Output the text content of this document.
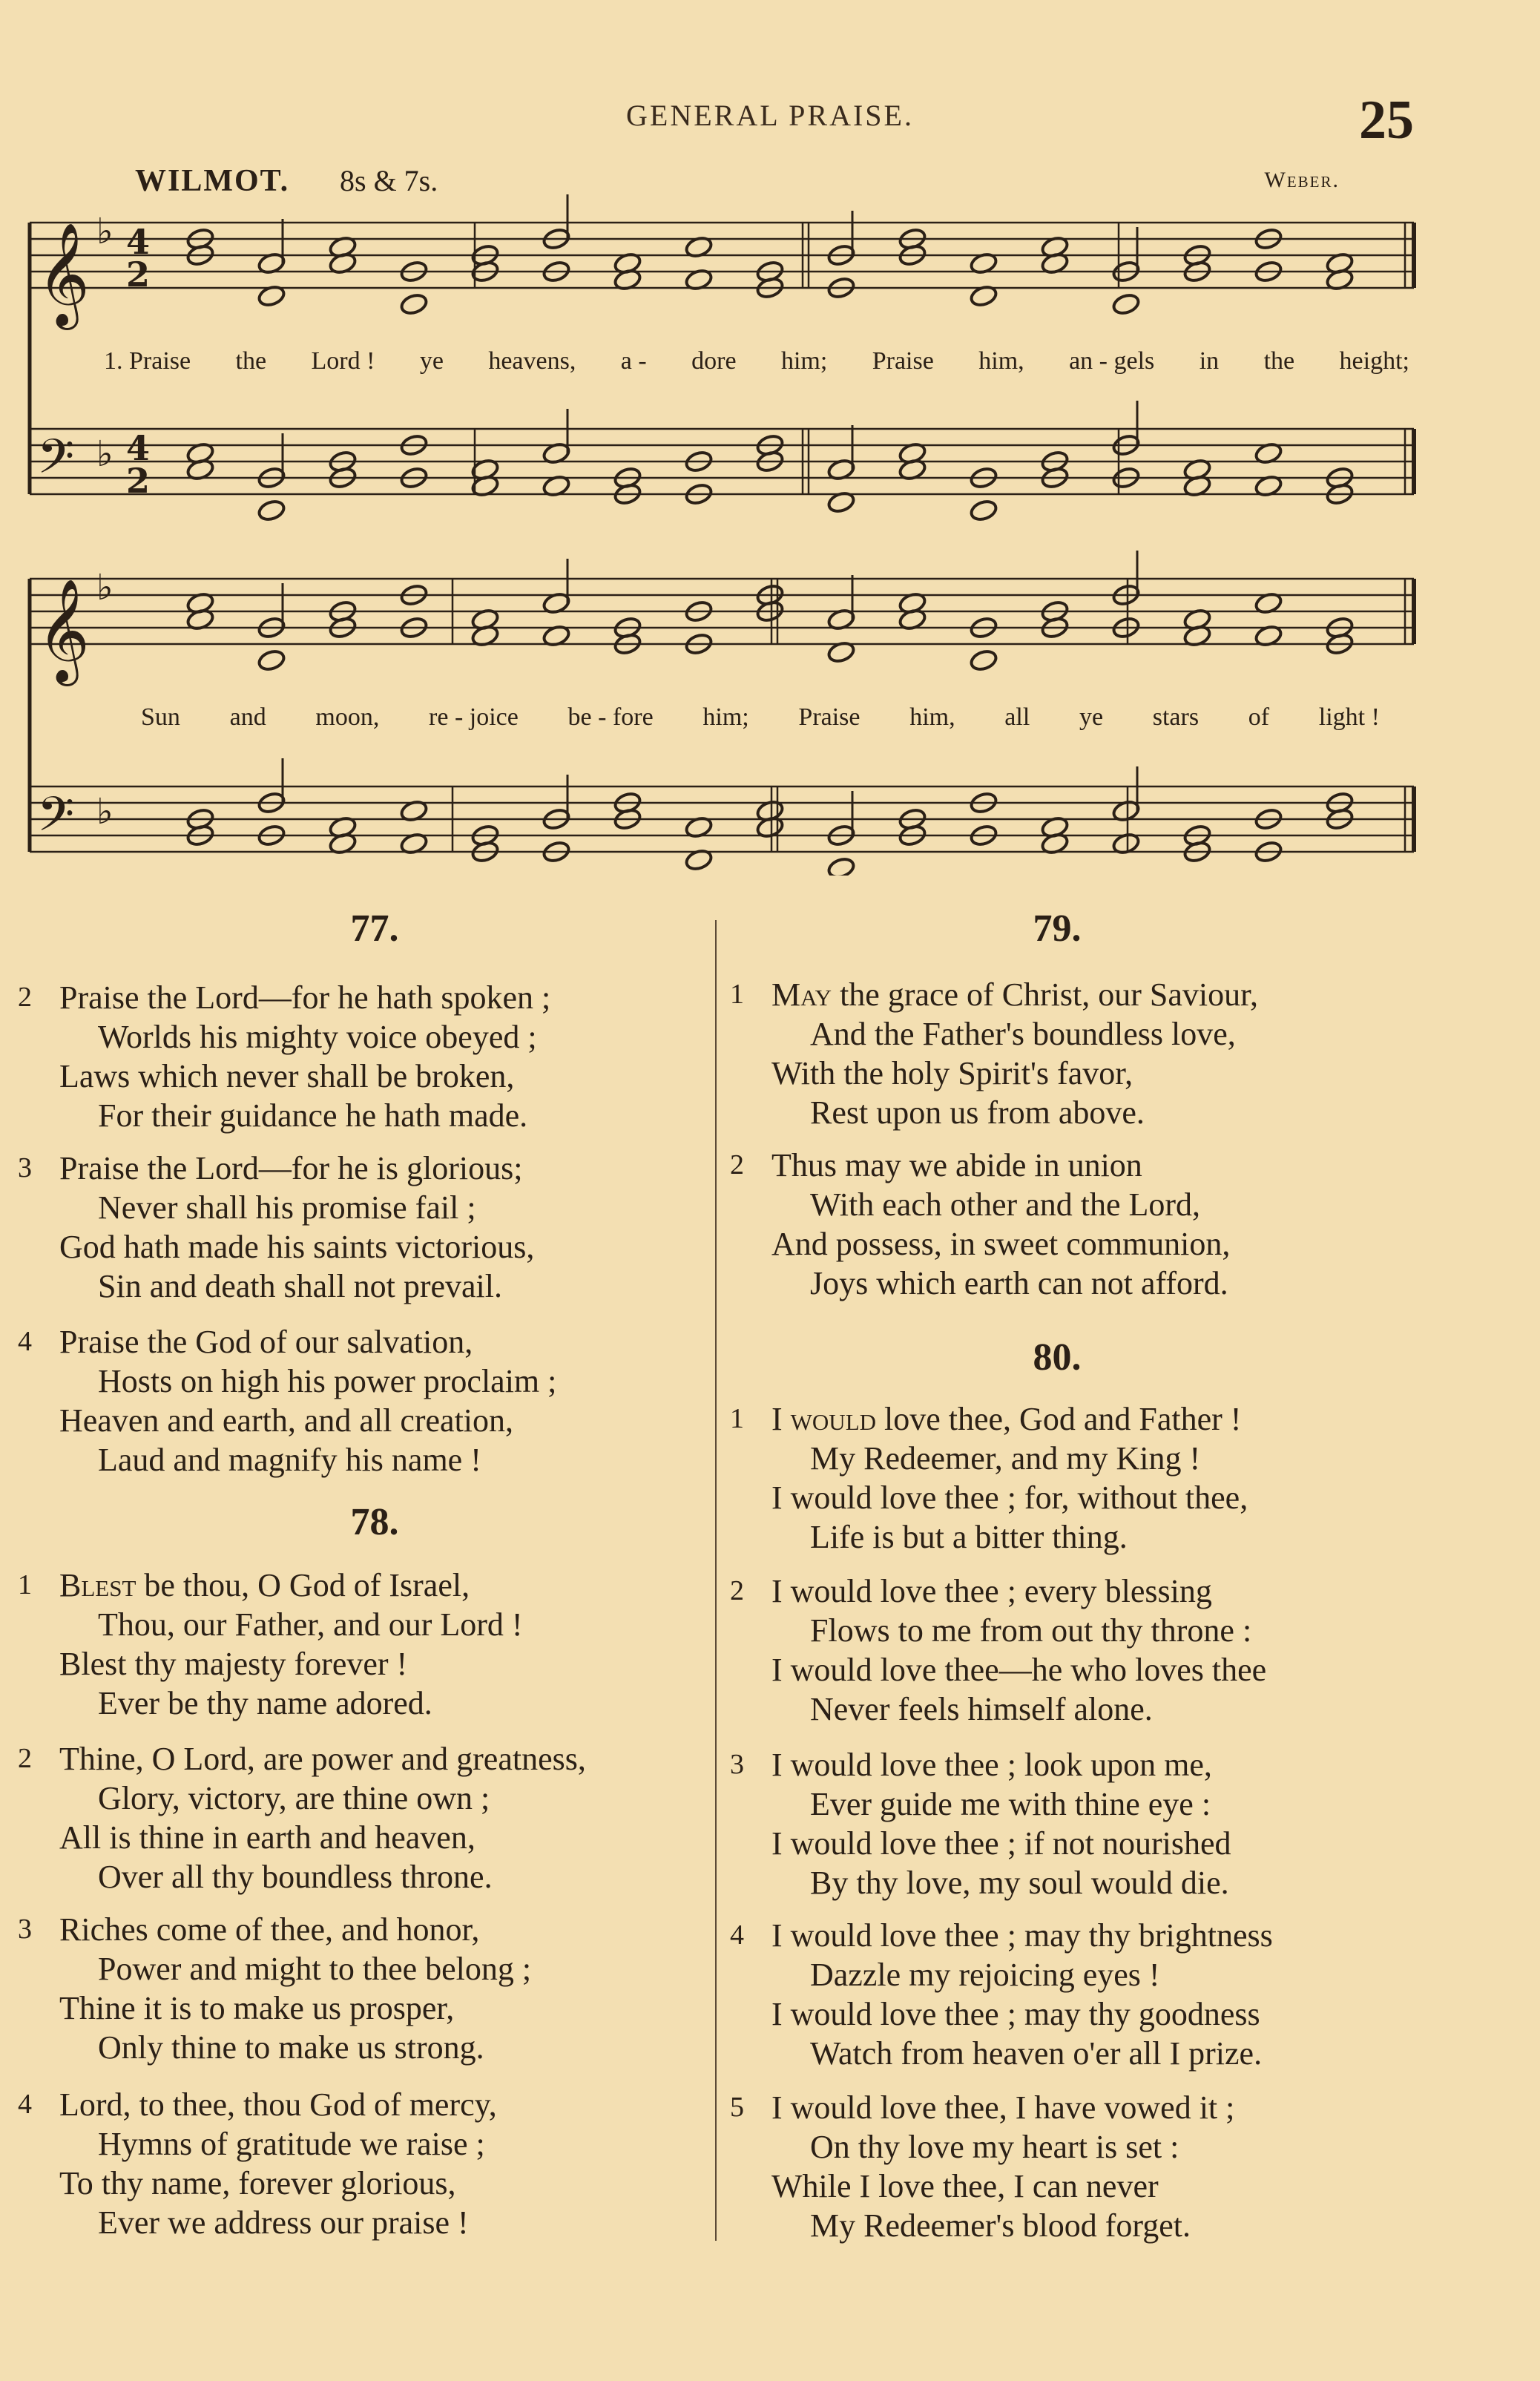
GENERAL PRAISE.	25
WILMOT. 8s & 7s.	Weber.
𝄞 ♭ 4
2
𝄢 ♭ 4
2
𝄞 ♭
𝄢 ♭
1. Praise the Lord ! ye heavens, a - dore him; Praise him, an - gels in the height;
Sun and moon, re - joice be - fore him; Praise him, all ye stars of light !
77.
2 Praise the Lord—for he hath spoken ;
Worlds his mighty voice obeyed ;
Laws which never shall be broken,
For their guidance he hath made.
3 Praise the Lord—for he is glorious;
Never shall his promise fail ;
God hath made his saints victorious,
Sin and death shall not prevail.
4 Praise the God of our salvation,
Hosts on high his power proclaim ;
Heaven and earth, and all creation,
Laud and magnify his name !
78.
1 Blest be thou, O God of Israel,
Thou, our Father, and our Lord !
Blest thy majesty forever !
Ever be thy name adored.
2 Thine, O Lord, are power and greatness,
Glory, victory, are thine own ;
All is thine in earth and heaven,
Over all thy boundless throne.
3 Riches come of thee, and honor,
Power and might to thee belong ;
Thine it is to make us prosper,
Only thine to make us strong.
4 Lord, to thee, thou God of mercy,
Hymns of gratitude we raise ;
To thy name, forever glorious,
Ever we address our praise !
79.
1 May the grace of Christ, our Saviour,
And the Father's boundless love,
With the holy Spirit's favor,
Rest upon us from above.
2 Thus may we abide in union
With each other and the Lord,
And possess, in sweet communion,
Joys which earth can not afford.
80.
1 I would love thee, God and Father !
My Redeemer, and my King !
I would love thee ; for, without thee,
Life is but a bitter thing.
2 I would love thee ; every blessing
Flows to me from out thy throne :
I would love thee—he who loves thee
Never feels himself alone.
3 I would love thee ; look upon me,
Ever guide me with thine eye :
I would love thee ; if not nourished
By thy love, my soul would die.
4 I would love thee ; may thy brightness
Dazzle my rejoicing eyes !
I would love thee ; may thy goodness
Watch from heaven o'er all I prize.
5 I would love thee, I have vowed it ;
On thy love my heart is set :
While I love thee, I can never
My Redeemer's blood forget.
